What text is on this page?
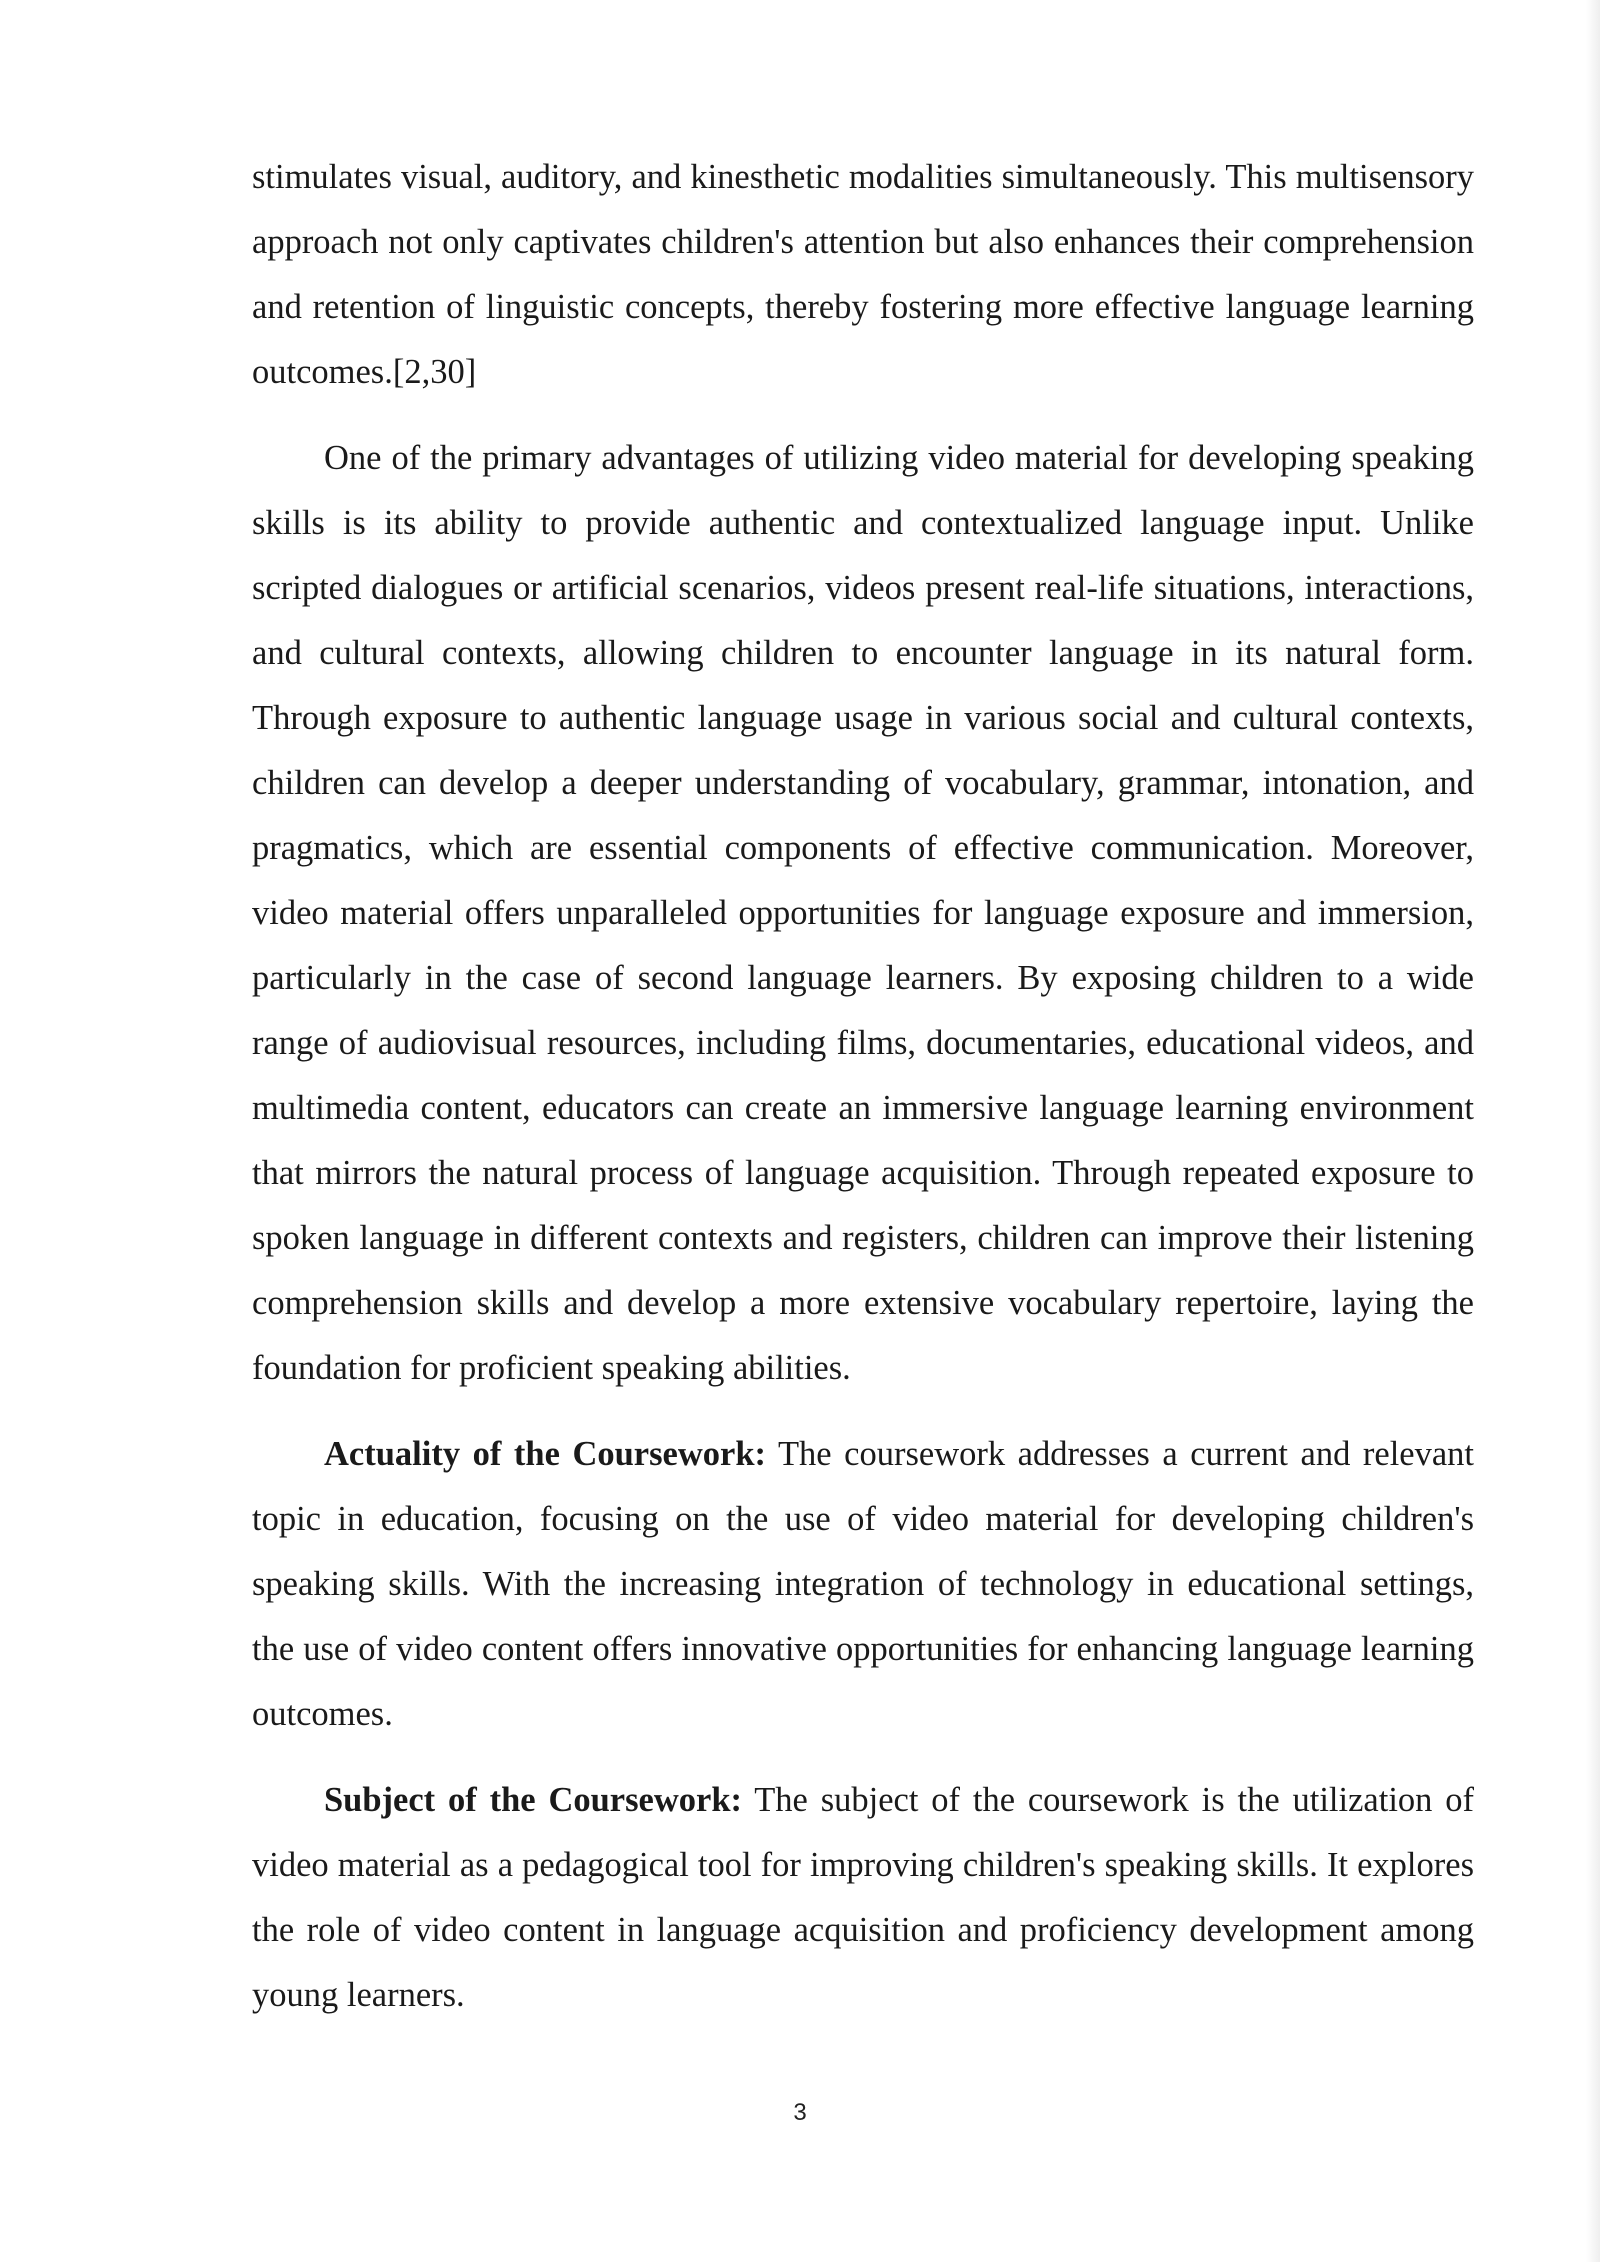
stimulates visual, auditory, and kinesthetic modalities simultaneously. This multisensory approach not only captivates children's attention but also enhances their comprehension and retention of linguistic concepts, thereby fostering more effective language learning outcomes.[2,30]

One of the primary advantages of utilizing video material for developing speaking skills is its ability to provide authentic and contextualized language input. Unlike scripted dialogues or artificial scenarios, videos present real-life situations, interactions, and cultural contexts, allowing children to encounter language in its natural form. Through exposure to authentic language usage in various social and cultural contexts, children can develop a deeper understanding of vocabulary, grammar, intonation, and pragmatics, which are essential components of effective communication. Moreover, video material offers unparalleled opportunities for language exposure and immersion, particularly in the case of second language learners. By exposing children to a wide range of audiovisual resources, including films, documentaries, educational videos, and multimedia content, educators can create an immersive language learning environment that mirrors the natural process of language acquisition. Through repeated exposure to spoken language in different contexts and registers, children can improve their listening comprehension skills and develop a more extensive vocabulary repertoire, laying the foundation for proficient speaking abilities.

Actuality of the Coursework: The coursework addresses a current and relevant topic in education, focusing on the use of video material for developing children's speaking skills. With the increasing integration of technology in educational settings, the use of video content offers innovative opportunities for enhancing language learning outcomes.

Subject of the Coursework: The subject of the coursework is the utilization of video material as a pedagogical tool for improving children's speaking skills. It explores the role of video content in language acquisition and proficiency development among young learners.

3
